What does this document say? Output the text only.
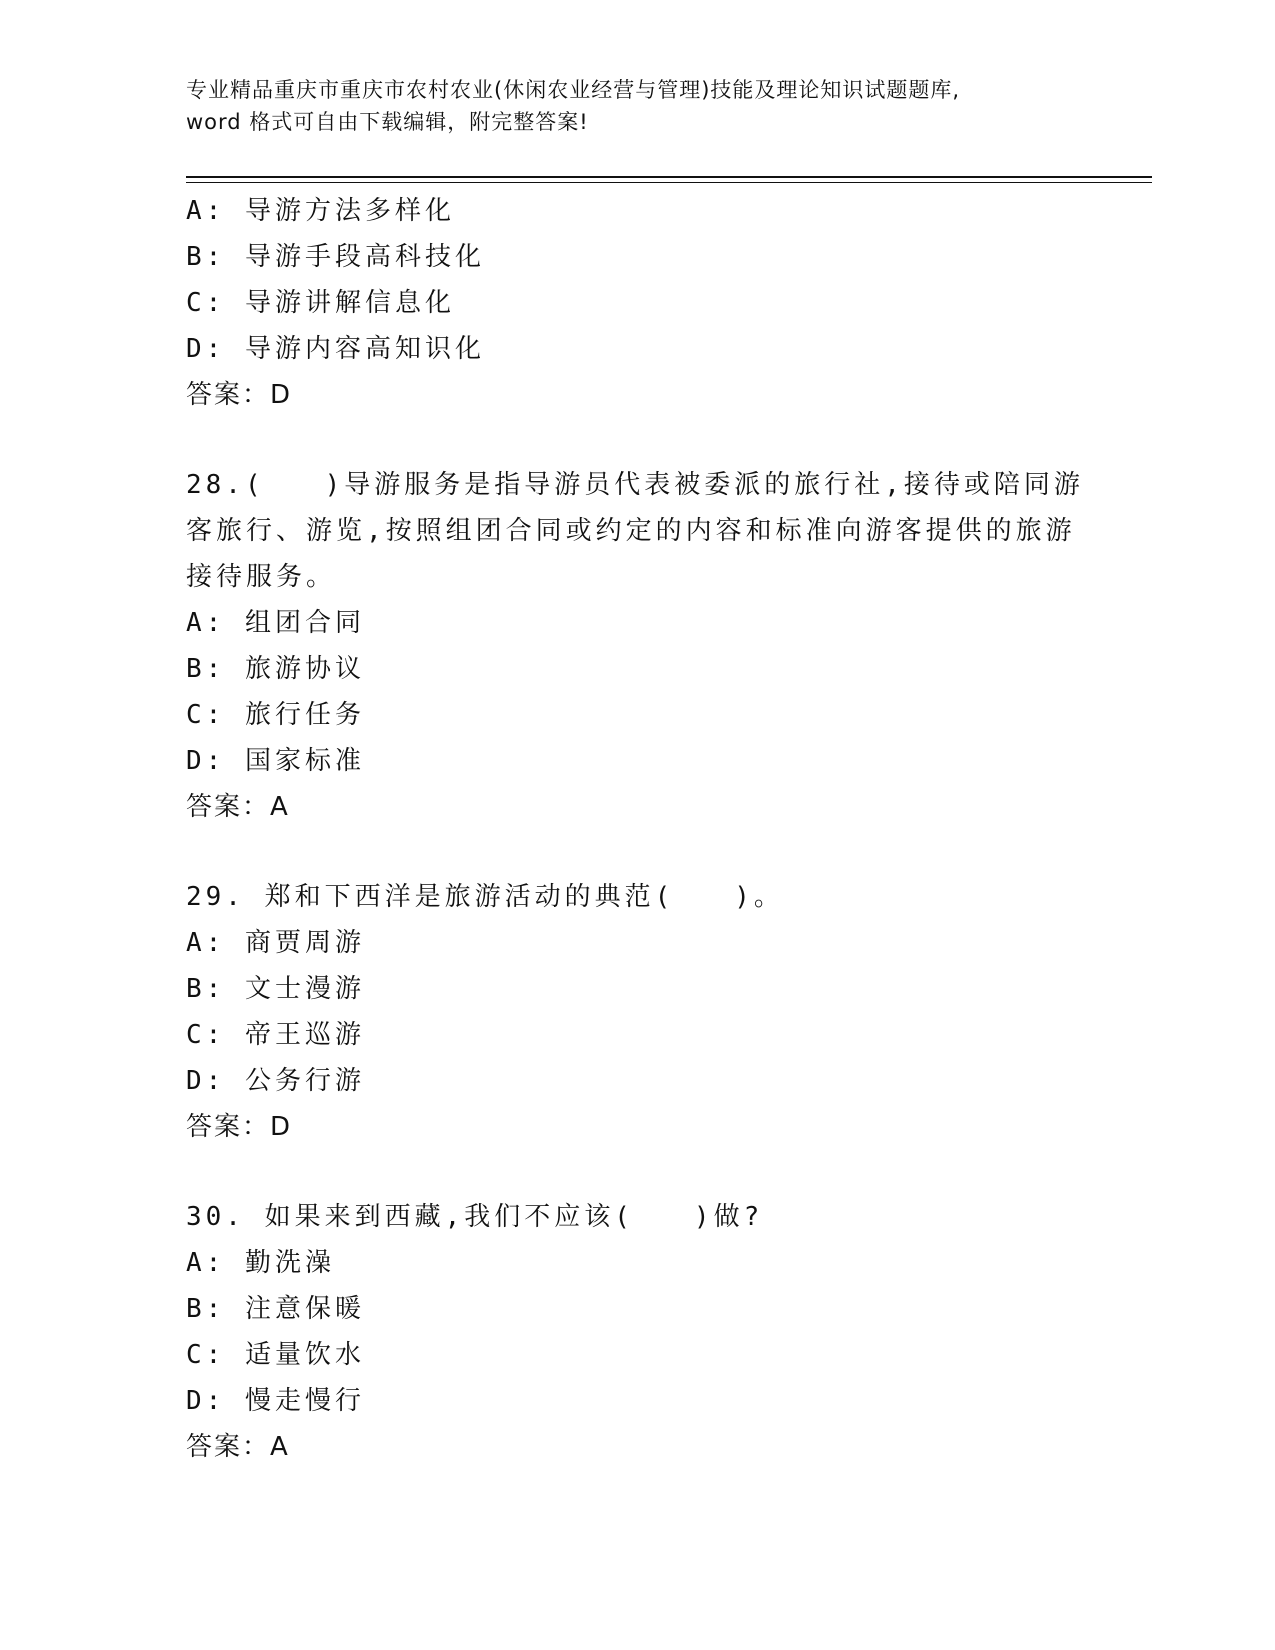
专业精品重庆市重庆市农村农业(休闲农业经营与管理)技能及理论知识试题题库,
word 格式可自由下载编辑，附完整答案!
A: 导游方法多样化
B: 导游手段高科技化
C: 导游讲解信息化
D: 导游内容高知识化
答案：D
28.(　　)导游服务是指导游员代表被委派的旅行社,接待或陪同游客旅行、游览,按照组团合同或约定的内容和标准向游客提供的旅游接待服务。
A: 组团合同
B: 旅游协议
C: 旅行任务
D: 国家标准
答案：A
29. 郑和下西洋是旅游活动的典范(　　)。
A: 商贾周游
B: 文士漫游
C: 帝王巡游
D: 公务行游
答案：D
30. 如果来到西藏,我们不应该(　　)做?
A: 勤洗澡
B: 注意保暖
C: 适量饮水
D: 慢走慢行
答案：A
